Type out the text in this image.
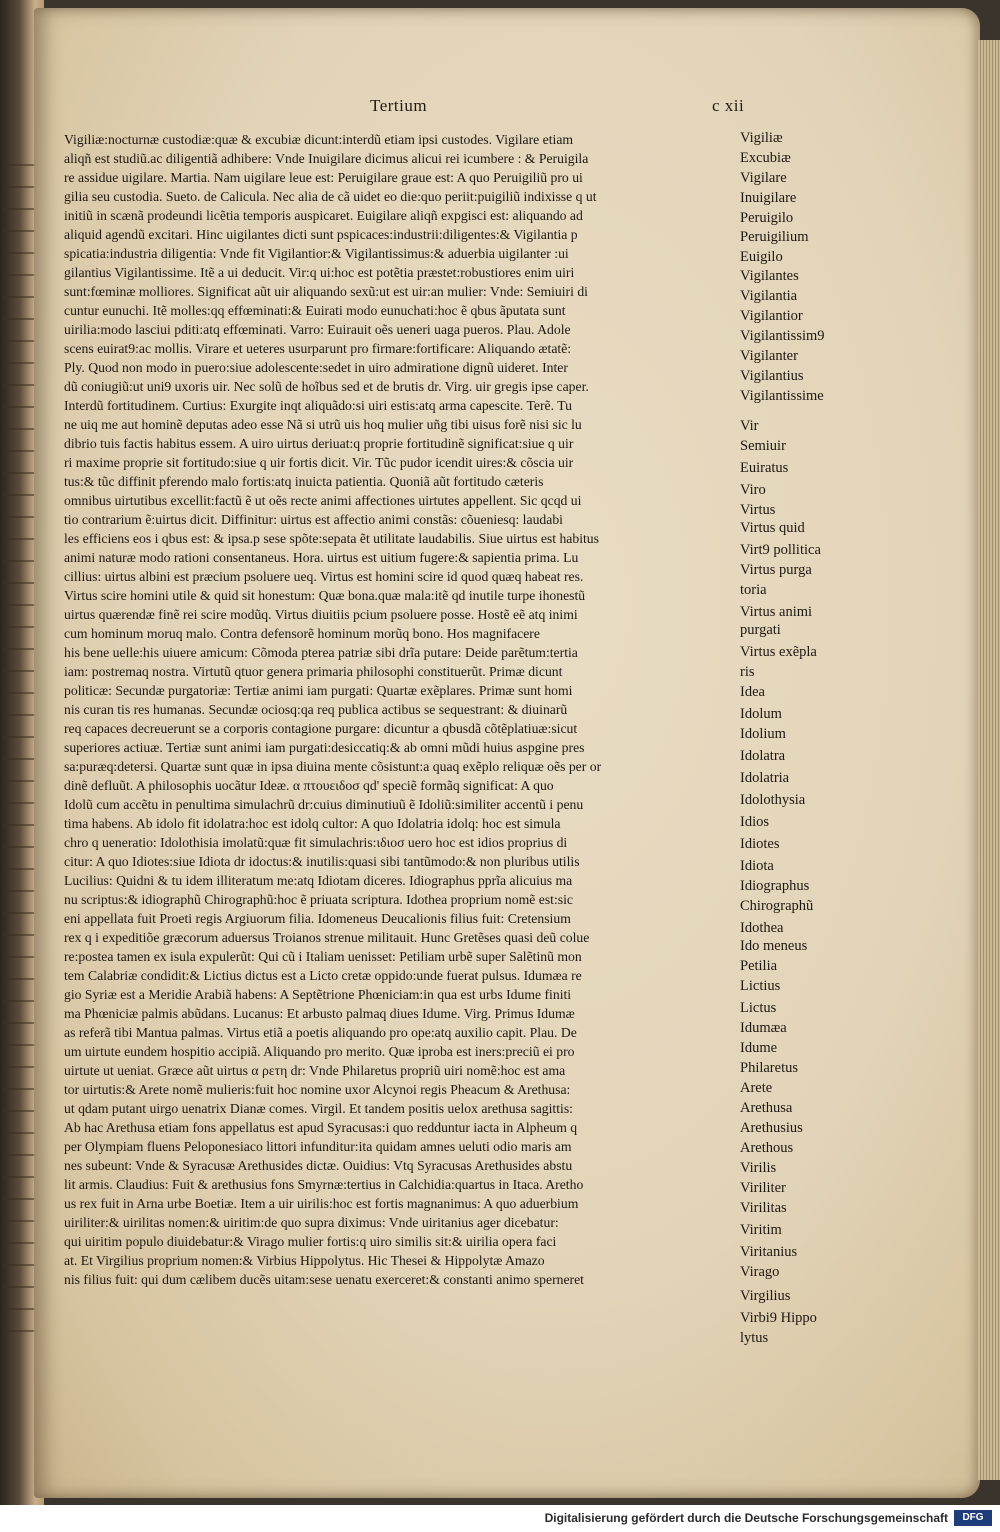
Tertium	c xii
Vigiliæ:nocturnæ custodiæ:quæ & excubiæ dicunt:interdũ etiam ipsi custodes. Vigilare etiam
aliqñ est studiũ.ac diligentiã adhibere: Vnde Inuigilare dicimus alicui rei icumbere : & Peruigila
re assidue uigilare. Martia. Nam uigilare leue est: Peruigilare graue est: A quo Peruigiliũ pro ui
gilia seu custodia. Sueto. de Calicula. Nec alia de cã uidet eo die:quo periit:puigiliũ indixisse q ut
initiũ in scænã prodeundi licẽtia temporis auspicaret. Euigilare aliqñ expgisci est: aliquando ad
aliquid agendũ excitari. Hinc uigilantes dicti sunt pspicaces:industrii:diligentes:& Vigilantia p
spicatia:industria diligentia: Vnde fit Vigilantior:& Vigilantissimus:& aduerbia uigilanter :ui
gilantius Vigilantissime. Itẽ a ui deducit. Vir:q ui:hoc est potẽtia præstet:robustiores enim uiri
sunt:fœminæ molliores. Significat aũt uir aliquando sexũ:ut est uir:an mulier: Vnde: Semiuiri di
cuntur eunuchi. Itẽ molles:qq effœminati:& Euirati modo eunuchati:hoc ẽ qbus ãputata sunt
uirilia:modo lasciui pditi:atq effœminati. Varro: Euirauit oẽs ueneri uaga pueros. Plau. Adole
scens euirat9:ac mollis. Virare et ueteres usurparunt pro firmare:fortificare: Aliquando ætatẽ:
Ply. Quod non modo in puero:siue adolescente:sedet in uiro admiratione dignũ uideret. Inter
dũ coniugiũ:ut uni9 uxoris uir. Nec solũ de hoĩbus sed et de brutis dr. Virg. uir gregis ipse caper.
Interdũ fortitudinem. Curtius: Exurgite inqt aliquãdo:si uiri estis:atq arma capescite. Terẽ. Tu
ne uiq me aut hominẽ deputas adeo esse Nã si utrũ uis hoq mulier uñg tibi uisus forẽ nisi sic lu
dibrio tuis factis habitus essem. A uiro uirtus deriuat:q proprie fortitudinẽ significat:siue q uir
ri maxime proprie sit fortitudo:siue q uir fortis dicit. Vir. Tũc pudor icendit uires:& cõscia uir
tus:& tũc diffinit pferendo malo fortis:atq inuicta patientia. Quoniã aũt fortitudo cæteris
omnibus uirtutibus excellit:factũ ẽ ut oẽs recte animi affectiones uirtutes appellent. Sic qcqd ui
tio contrarium ẽ:uirtus dicit. Diffinitur: uirtus est affectio animi constãs: cõueniesq: laudabi
les efficiens eos i qbus est: & ipsa.p sese spõte:sepata ẽt utilitate laudabilis. Siue uirtus est habitus
animi naturæ modo rationi consentaneus. Hora. uirtus est uitium fugere:& sapientia prima. Lu
cillius: uirtus albini est præcium psoluere ueq. Virtus est homini scire id quod quæq habeat res.
Virtus scire homini utile & quid sit honestum: Quæ bona.quæ mala:itẽ qd inutile turpe ihonestũ
uirtus quærendæ finẽ rei scire modũq. Virtus diuitiis pcium psoluere posse. Hostẽ eẽ atq inimi
cum hominum moruq malo. Contra defensorẽ hominum morũq bono. Hos magnifacere
his bene uelle:his uiuere amicum: Cõmoda pterea patriæ sibi drĩa putare: Deide parẽtum:tertia
iam: postremaq nostra. Virtutũ qtuor genera primaria philosophi constituerũt. Primæ dicunt
politicæ: Secundæ purgatoriæ: Tertiæ animi iam purgati: Quartæ exẽplares. Primæ sunt homi
nis curan tis res humanas. Secundæ ociosq:qa req publica actibus se sequestrant: & diuinarũ
req capaces decreuerunt se a corporis contagione purgare: dicuntur a qbusdã cõtẽplatiuæ:sicut
superiores actiuæ. Tertiæ sunt animi iam purgati:desiccatiq:& ab omni mũdi huius aspgine pres
sa:puræq:detersi. Quartæ sunt quæ in ipsa diuina mente cõsistunt:a quaq exẽplo reliquæ oẽs per or
dinẽ defluũt. A philosophis uocãtur Ideæ. α πτουειδοσ qd' speciẽ formãq significat: A quo
Idolũ cum accẽtu in penultima simulachrũ dr:cuius diminutiuũ ẽ Idoliũ:similiter accentũ i penu
tima habens. Ab idolo fit idolatra:hoc est idolq cultor: A quo Idolatria idolq: hoc est simula
chro q ueneratio: Idolothisia imolatũ:quæ fit simulachris:ιδιοσ uero hoc est idios proprius di
citur: A quo Idiotes:siue Idiota dr idoctus:& inutilis:quasi sibi tantũmodo:& non pluribus utilis
Lucilius: Quidni & tu idem illiteratum me:atq Idiotam diceres. Idiographus pprĩa alicuius ma
nu scriptus:& idiographũ Chirographũ:hoc ẽ priuata scriptura. Idothea proprium nomẽ est:sic
eni appellata fuit Proeti regis Argiuorum filia. Idomeneus Deucalionis filius fuit: Cretensium
rex q i expeditiõe græcorum aduersus Troianos strenue militauit. Hunc Gretẽses quasi deũ colue
re:postea tamen ex isula expulerũt: Qui cũ i Italiam uenisset: Petiliam urbẽ super Salẽtinũ mon
tem Calabriæ condidit:& Lictius dictus est a Licto cretæ oppido:unde fuerat pulsus. Idumæa re
gio Syriæ est a Meridie Arabiã habens: A Septẽtrione Phœniciam:in qua est urbs Idume finiti
ma Phœniciæ palmis abũdans. Lucanus: Et arbusto palmaq diues Idume. Virg. Primus Idumæ
as referã tibi Mantua palmas. Virtus etiã a poetis aliquando pro ope:atq auxilio capit. Plau. De
um uirtute eundem hospitio accipiã. Aliquando pro merito. Quæ iproba est iners:preciũ ei pro
uirtute ut ueniat. Græce aũt uirtus α ρετη dr: Vnde Philaretus propriũ uiri nomẽ:hoc est ama
tor uirtutis:& Arete nomẽ mulieris:fuit hoc nomine uxor Alcynoi regis Pheacum & Arethusa:
ut qdam putant uirgo uenatrix Dianæ comes. Virgil. Et tandem positis uelox arethusa sagittis:
Ab hac Arethusa etiam fons appellatus est apud Syracusas:i quo redduntur iacta in Alpheum q
per Olympiam fluens Peloponesiaco littori infunditur:ita quidam amnes ueluti odio maris am
nes subeunt: Vnde & Syracusæ Arethusides dictæ. Ouidius: Vtq Syracusas Arethusides abstu
lit armis. Claudius: Fuit & arethusius fons Smyrnæ:tertius in Calchidia:quartus in Itaca. Aretho
us rex fuit in Arna urbe Boetiæ. Item a uir uirilis:hoc est fortis magnanimus: A quo aduerbium
uiriliter:& uirilitas nomen:& uiritim:de quo supra diximus: Vnde uiritanius ager dicebatur:
qui uiritim populo diuidebatur:& Virago mulier fortis:q uiro similis sit:& uirilia opera faci
at. Et Virgilius proprium nomen:& Virbius Hippolytus. Hic Thesei & Hippolytæ Amazo
nis filius fuit: qui dum cælibem ducẽs uitam:sese uenatu exerceret:& constanti animo sperneret
Vigiliæ
Excubiæ
Vigilare
Inuigilare
Peruigilo
Peruigilium
Euigilo
Vigilantes
Vigilantia
Vigilantior
Vigilantissim9
Vigilanter
Vigilantius
Vigilantissime
Vir
Semiuir
Euiratus
Viro
Virtus
Virtus quid
Virt9 pollitica
Virtus purga
toria
Virtus animi
purgati
Virtus exẽpla
ris
Idea
Idolum
Idolium
Idolatra
Idolatria
Idolothysia
Idios
Idiotes
Idiota
Idiographus
Chirographũ
Idothea
Ido meneus
Petilia
Lictius
Lictus
Idumæa
Idume
Philaretus
Arete
Arethusa
Arethusius
Arethous
Virilis
Viriliter
Virilitas
Viritim
Viritanius
Virago
Virgilius
Virbi9 Hippo
lytus
Digitalisierung gefördert durch die Deutsche Forschungsgemeinschaft	DFG
